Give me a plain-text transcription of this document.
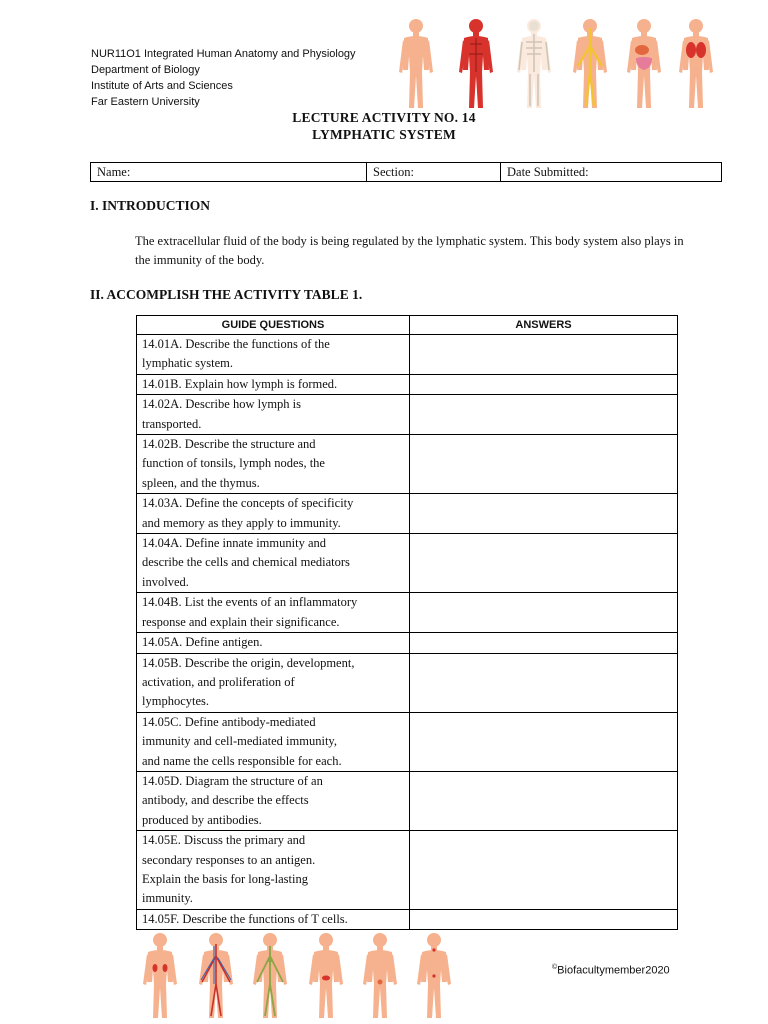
NUR11O1 Integrated Human Anatomy and Physiology
Department of Biology
Institute of Arts and Sciences
Far Eastern University
LECTURE ACTIVITY NO. 14
LYMPHATIC SYSTEM
Name:	Section:	Date Submitted:
I. INTRODUCTION
The extracellular fluid of the body is being regulated by the lymphatic system. This body system also plays in the immunity of the body.
II. ACCOMPLISH THE ACTIVITY TABLE 1.
GUIDE QUESTIONS	ANSWERS
14.01A. Describe the functions of the
lymphatic system.	
14.01B. Explain how lymph is formed.	
14.02A. Describe how lymph is
transported.	
14.02B. Describe the structure and
function of tonsils, lymph nodes, the
spleen, and the thymus.	
14.03A. Define the concepts of specificity
and memory as they apply to immunity.	
14.04A. Define innate immunity and
describe the cells and chemical mediators
involved.	
14.04B. List the events of an inflammatory
response and explain their significance.	
14.05A. Define antigen.	
14.05B. Describe the origin, development,
activation, and proliferation of
lymphocytes.	
14.05C. Define antibody-mediated
immunity and cell-mediated immunity,
and name the cells responsible for each.	
14.05D. Diagram the structure of an
antibody, and describe the effects
produced by antibodies.	
14.05E. Discuss the primary and
secondary responses to an antigen.
Explain the basis for long-lasting
immunity.	
14.05F. Describe the functions of T cells.	
©Biofacultymember2020
